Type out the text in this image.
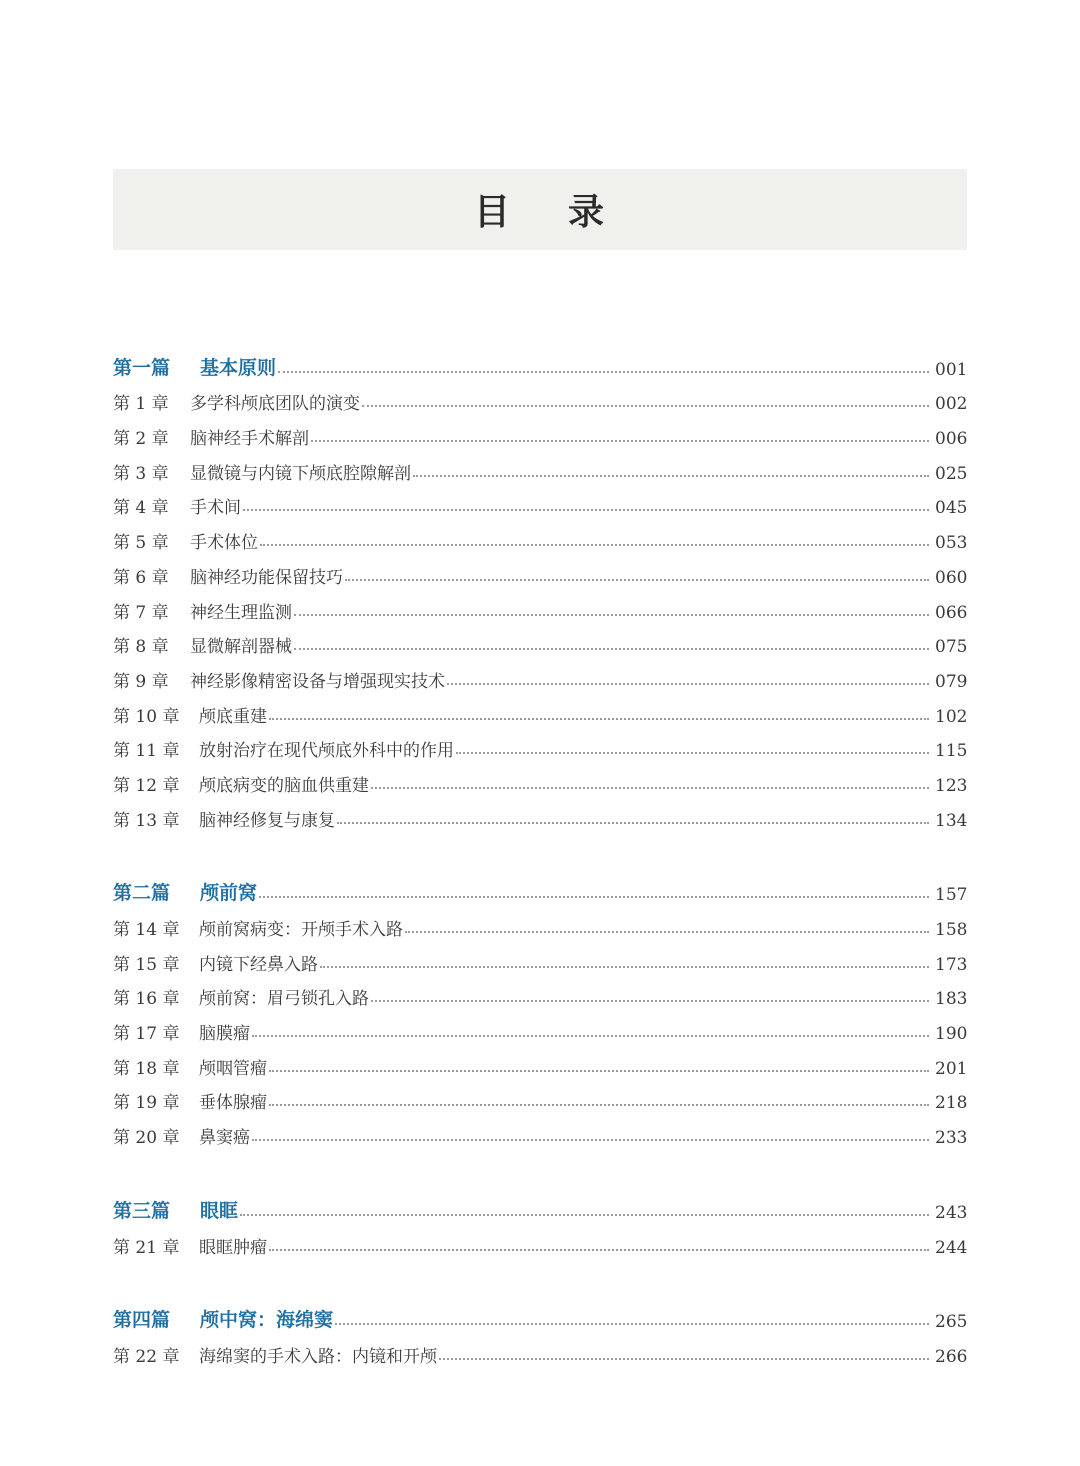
目 录
第一篇	基本原则	001
第 1 章	多学科颅底团队的演变	002
第 2 章	脑神经手术解剖	006
第 3 章	显微镜与内镜下颅底腔隙解剖	025
第 4 章	手术间	045
第 5 章	手术体位	053
第 6 章	脑神经功能保留技巧	060
第 7 章	神经生理监测	066
第 8 章	显微解剖器械	075
第 9 章	神经影像精密设备与增强现实技术	079
第 10 章	颅底重建	102
第 11 章	放射治疗在现代颅底外科中的作用	115
第 12 章	颅底病变的脑血供重建	123
第 13 章	脑神经修复与康复	134
第二篇	颅前窝	157
第 14 章	颅前窝病变：开颅手术入路	158
第 15 章	内镜下经鼻入路	173
第 16 章	颅前窝：眉弓锁孔入路	183
第 17 章	脑膜瘤	190
第 18 章	颅咽管瘤	201
第 19 章	垂体腺瘤	218
第 20 章	鼻窦癌	233
第三篇	眼眶	243
第 21 章	眼眶肿瘤	244
第四篇	颅中窝：海绵窦	265
第 22 章	海绵窦的手术入路：内镜和开颅	266
